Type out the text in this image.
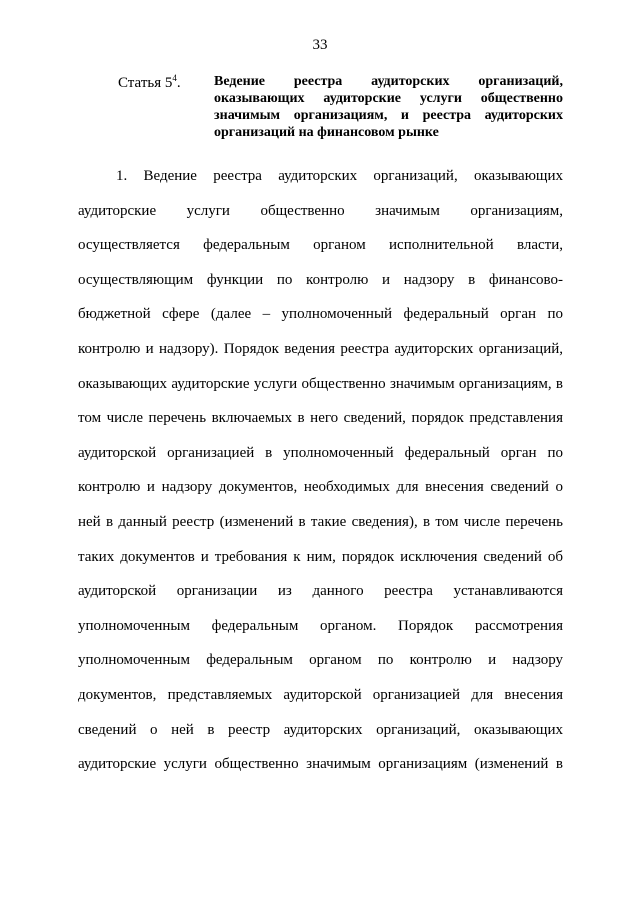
33
Статья $5^4$. Ведение реестра аудиторских организаций,
оказывающих аудиторские услуги общественно
значимым организациям, и реестра аудиторских
организаций на финансовом рынке
1. Ведение реестра аудиторских организаций, оказывающих
аудиторские услуги общественно значимым организациям,
осуществляется федеральным органом исполнительной власти,
осуществляющим функции по контролю и надзору в финансово-
бюджетной сфере (далее – уполномоченный федеральный орган по
контролю и надзору). Порядок ведения реестра аудиторских организаций,
оказывающих аудиторские услуги общественно значимым организациям, в
том числе перечень включаемых в него сведений, порядок представления
аудиторской организацией в уполномоченный федеральный орган по
контролю и надзору документов, необходимых для внесения сведений о
ней в данный реестр (изменений в такие сведения), в том числе перечень
таких документов и требования к ним, порядок исключения сведений об
аудиторской организации из данного реестра устанавливаются
уполномоченным федеральным органом. Порядок рассмотрения
уполномоченным федеральным органом по контролю и надзору
документов, представляемых аудиторской организацией для внесения
сведений о ней в реестр аудиторских организаций, оказывающих
аудиторские услуги общественно значимым организациям (изменений в
